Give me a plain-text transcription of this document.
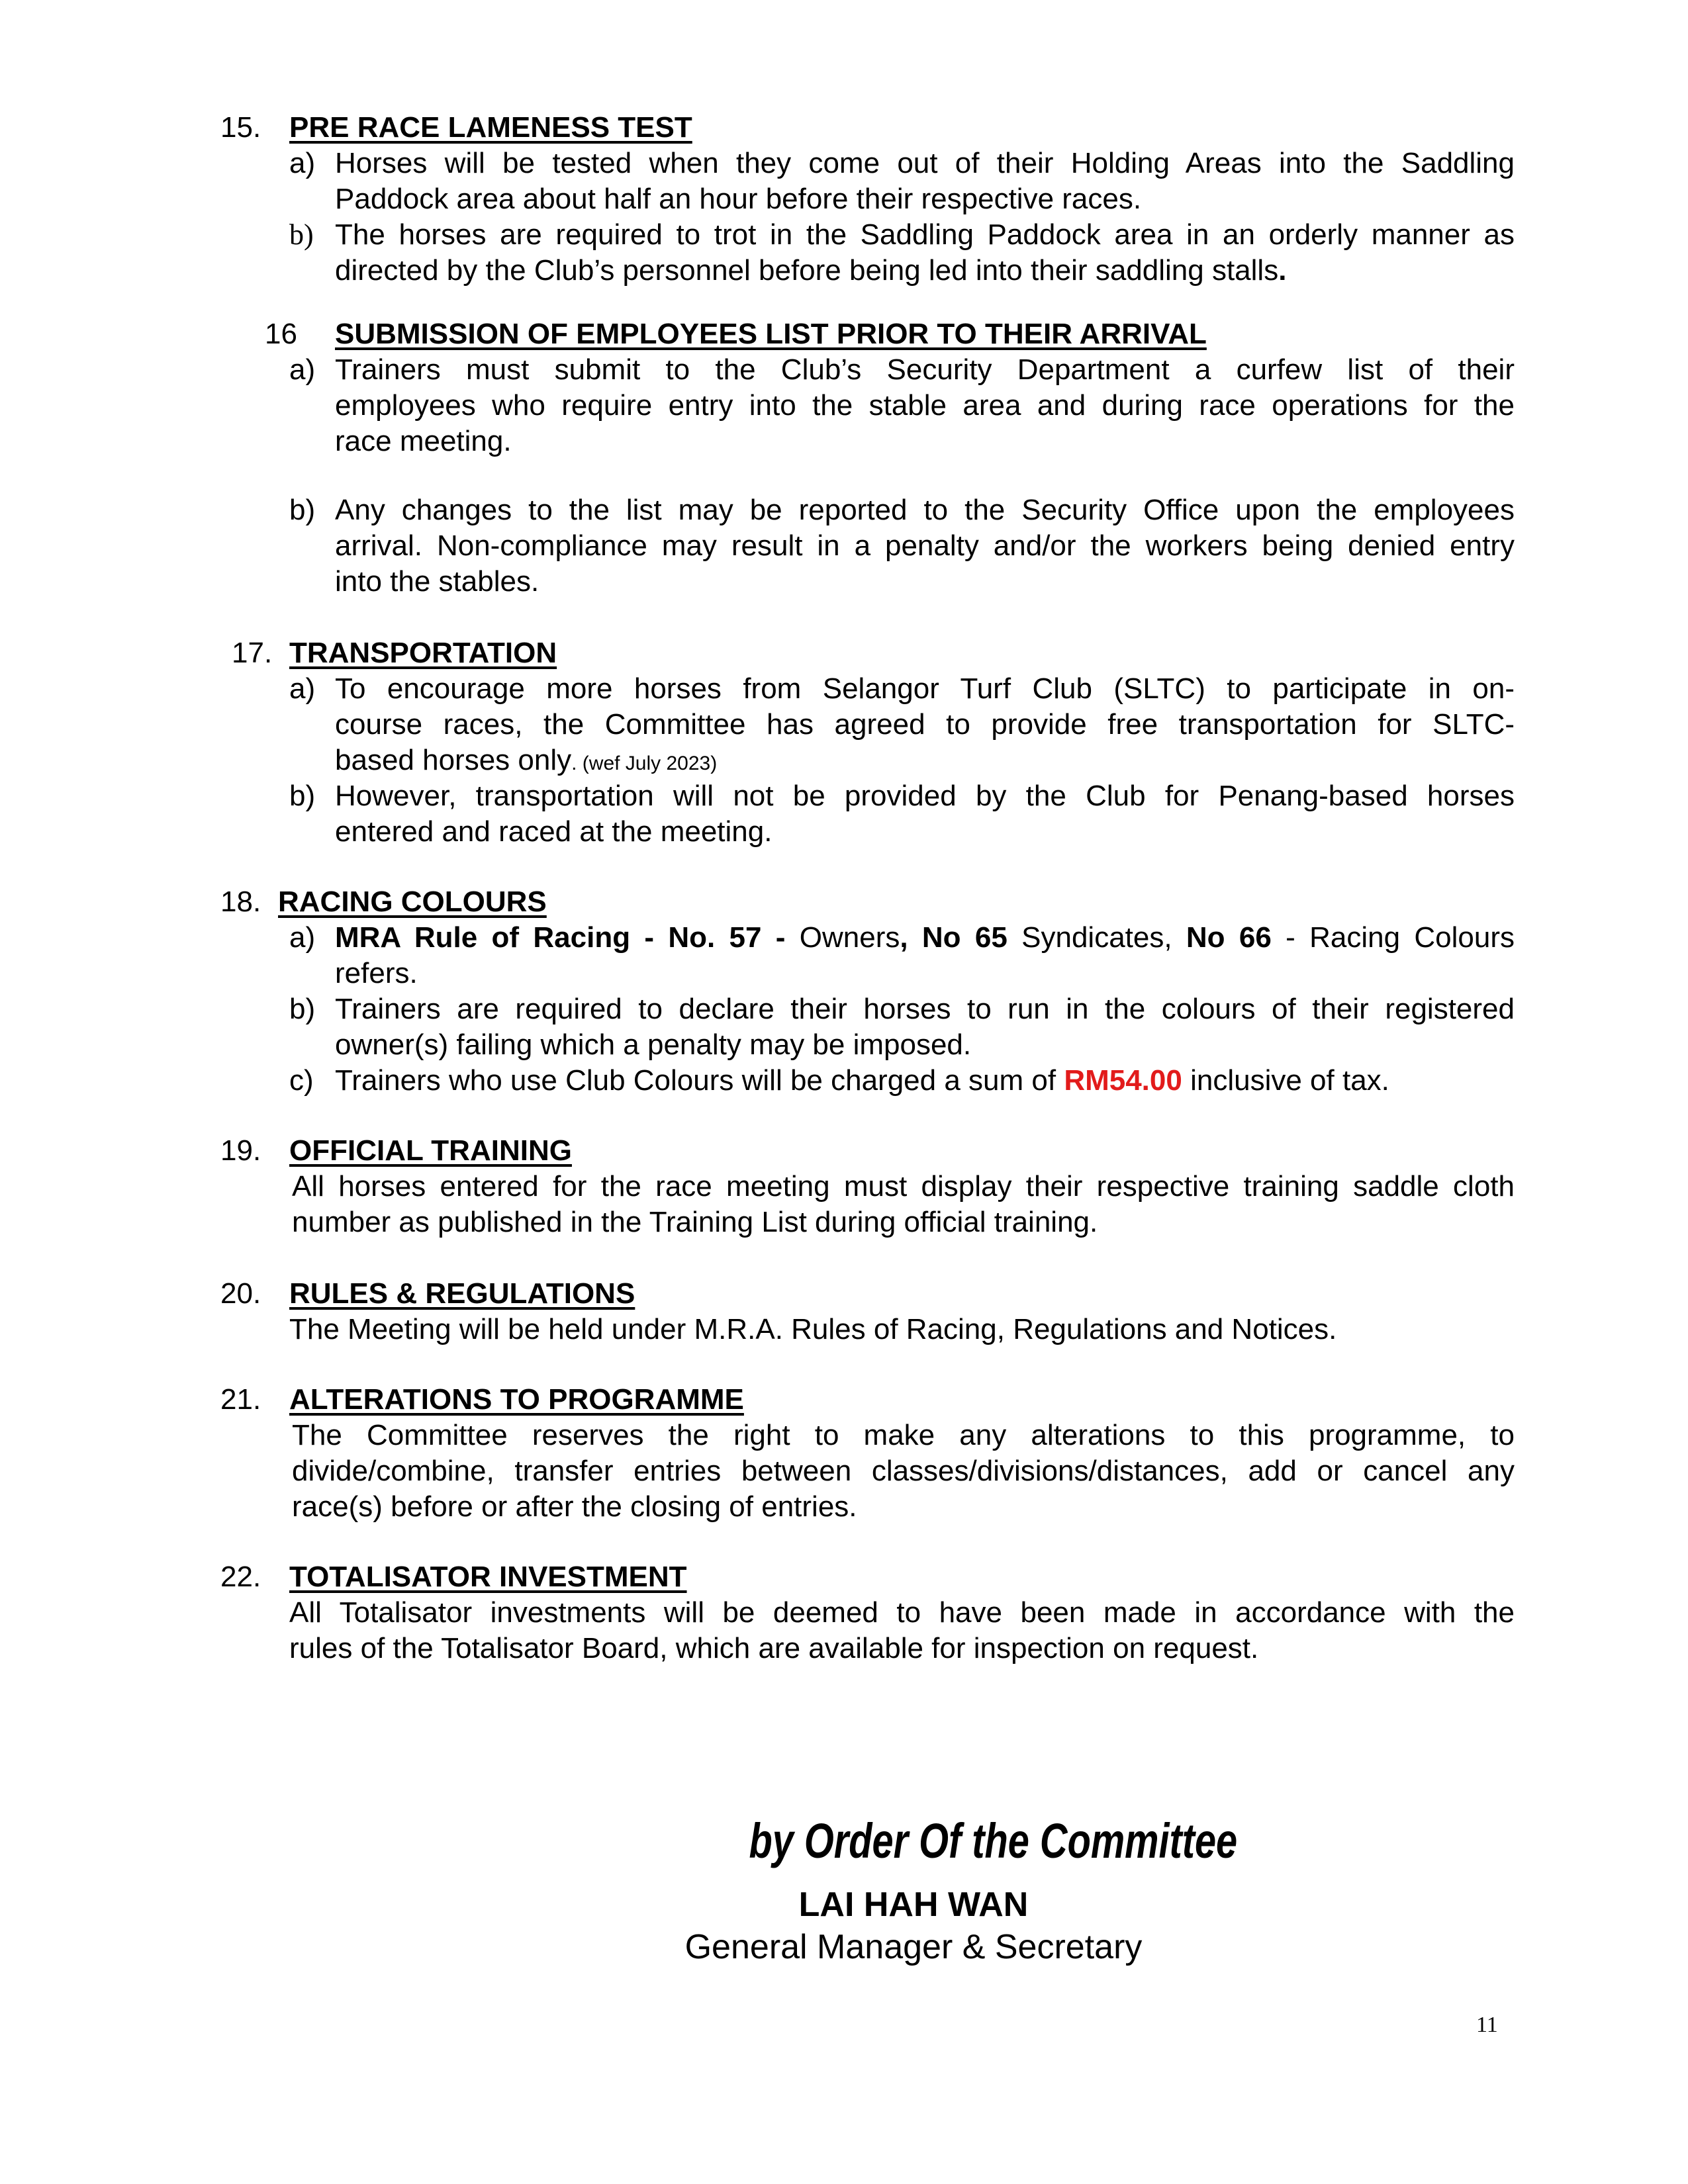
15. PRE RACE LAMENESS TEST
a) Horses will be tested when they come out of their Holding Areas into the Saddling
Paddock area about half an hour before their respective races.
b) The horses are required to trot in the Saddling Paddock area in an orderly manner as
directed by the Club’s personnel before being led into their saddling stalls.
16 SUBMISSION OF EMPLOYEES LIST PRIOR TO THEIR ARRIVAL
a) Trainers must submit to the Club’s Security Department a curfew list of their
employees who require entry into the stable area and during race operations for the
race meeting.
b) Any changes to the list may be reported to the Security Office upon the employees
arrival. Non-compliance may result in a penalty and/or the workers being denied entry
into the stables.
17. TRANSPORTATION
a) To encourage more horses from Selangor Turf Club (SLTC) to participate in on-
course races, the Committee has agreed to provide free transportation for SLTC-
based horses only. (wef July 2023)
b) However, transportation will not be provided by the Club for Penang-based horses
entered and raced at the meeting.
18. RACING COLOURS
a) MRA Rule of Racing - No. 57 - Owners, No 65 Syndicates, No 66 - Racing Colours
refers.
b) Trainers are required to declare their horses to run in the colours of their registered
owner(s) failing which a penalty may be imposed.
c) Trainers who use Club Colours will be charged a sum of RM54.00 inclusive of tax.
19. OFFICIAL TRAINING
All horses entered for the race meeting must display their respective training saddle cloth
number as published in the Training List during official training.
20. RULES & REGULATIONS
The Meeting will be held under M.R.A. Rules of Racing, Regulations and Notices.
21. ALTERATIONS TO PROGRAMME
The Committee reserves the right to make any alterations to this programme, to
divide/combine, transfer entries between classes/divisions/distances, add or cancel any
race(s) before or after the closing of entries.
22. TOTALISATOR INVESTMENT
All Totalisator investments will be deemed to have been made in accordance with the
rules of the Totalisator Board, which are available for inspection on request.
by Order Of the Committee
LAI HAH WAN
General Manager & Secretary
11
